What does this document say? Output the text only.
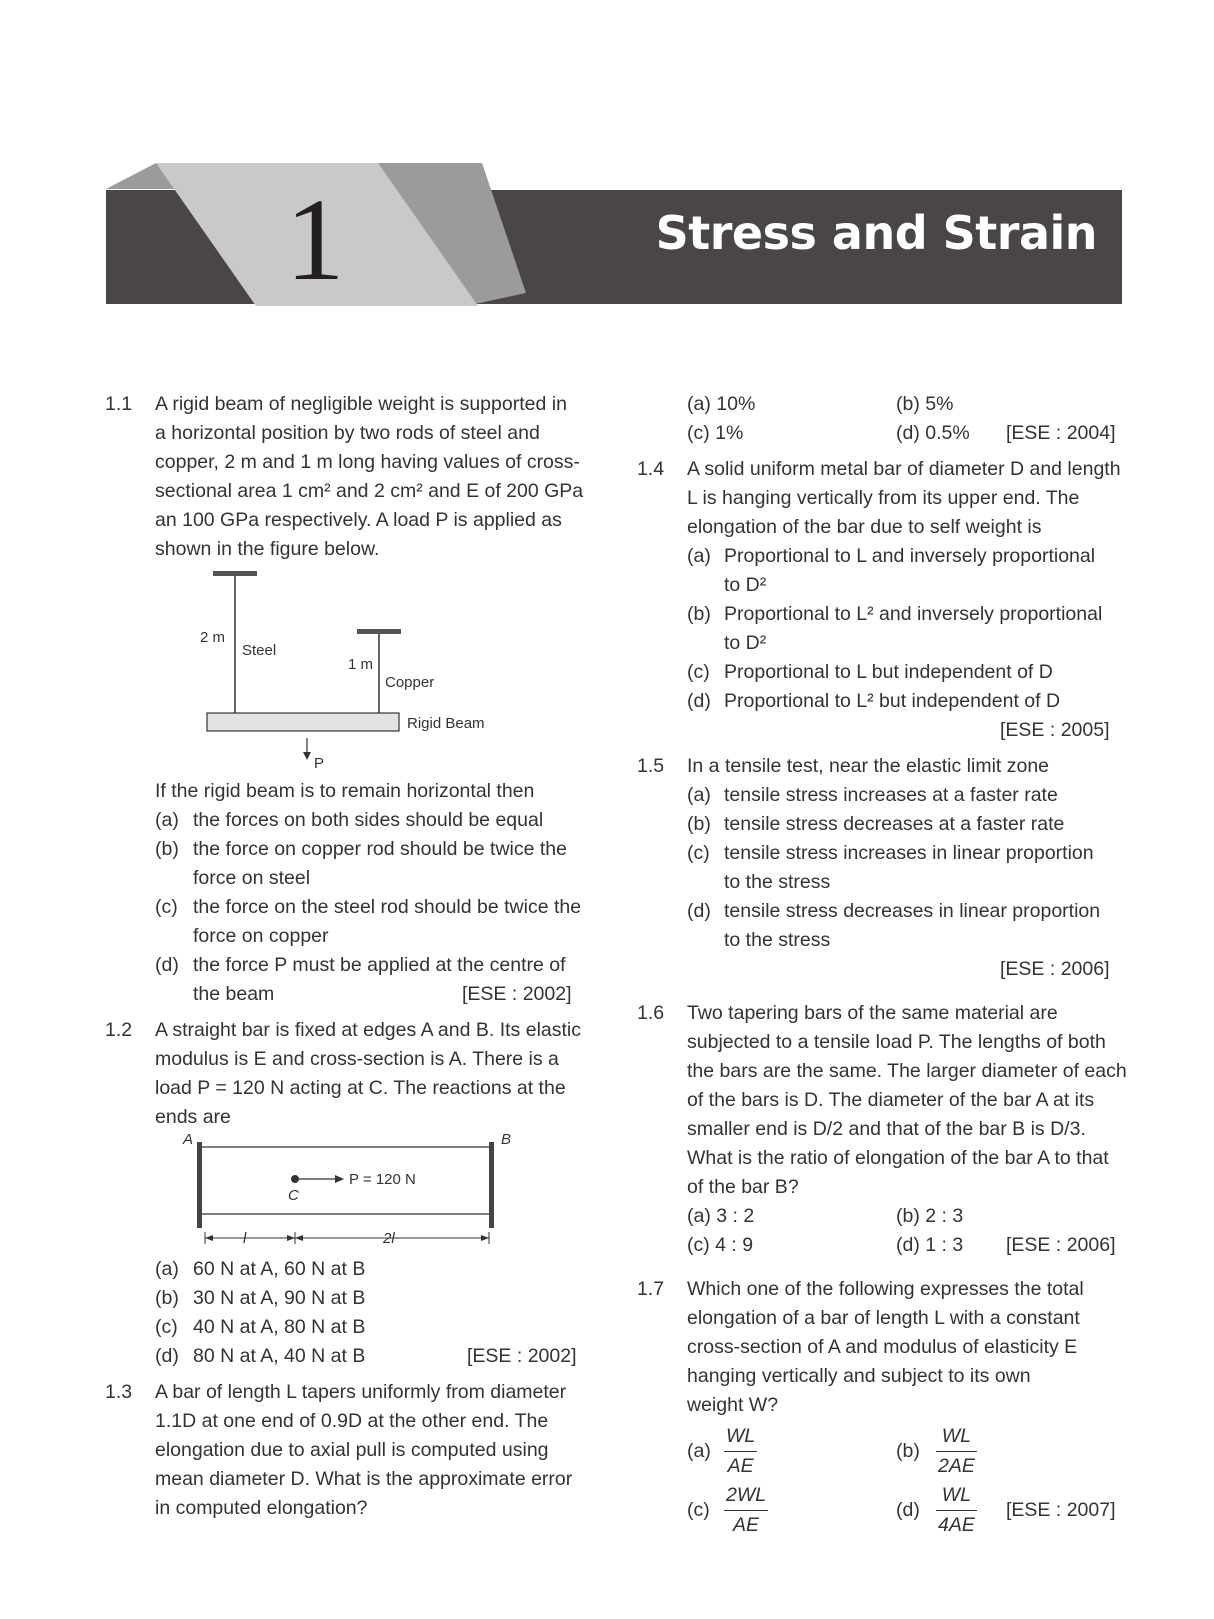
1	Stress and Strain
1.1 A rigid beam of negligible weight is supported in
a horizontal position by two rods of steel and
copper, 2 m and 1 m long having values of cross-
sectional area 1 cm² and 2 cm² and E of 200 GPa
an 100 GPa respectively. A load P is applied as
shown in the figure below.
2 m
Steel
1 m
Copper
Rigid Beam
P
If the rigid beam is to remain horizontal then
(a) the forces on both sides should be equal
(b) the force on copper rod should be twice the
force on steel
(c) the force on the steel rod should be twice the
force on copper
(d) the force P must be applied at the centre of
the beam	[ESE : 2002]
1.2 A straight bar is fixed at edges A and B. Its elastic
modulus is E and cross-section is A. There is a
load P = 120 N acting at C. The reactions at the
ends are
A	B
C
P = 120 N
l	2l
(a) 60 N at A, 60 N at B
(b) 30 N at A, 90 N at B
(c) 40 N at A, 80 N at B
(d) 80 N at A, 40 N at B	[ESE : 2002]
1.3 A bar of length L tapers uniformly from diameter
1.1D at one end of 0.9D at the other end. The
elongation due to axial pull is computed using
mean diameter D. What is the approximate error
in computed elongation?
(a) 10%	(b) 5%
(c) 1%	(d) 0.5% [ESE : 2004]
1.4 A solid uniform metal bar of diameter D and length
L is hanging vertically from its upper end. The
elongation of the bar due to self weight is
(a) Proportional to L and inversely proportional
to D²
(b) Proportional to L² and inversely proportional
to D²
(c) Proportional to L but independent of D
(d) Proportional to L² but independent of D
[ESE : 2005]
1.5 In a tensile test, near the elastic limit zone
(a) tensile stress increases at a faster rate
(b) tensile stress decreases at a faster rate
(c) tensile stress increases in linear proportion
to the stress
(d) tensile stress decreases in linear proportion
to the stress
[ESE : 2006]
1.6 Two tapering bars of the same material are
subjected to a tensile load P. The lengths of both
the bars are the same. The larger diameter of each
of the bars is D. The diameter of the bar A at its
smaller end is D/2 and that of the bar B is D/3.
What is the ratio of elongation of the bar A to that
of the bar B?
(a) 3 : 2	(b) 2 : 3
(c) 4 : 9	(d) 1 : 3 [ESE : 2006]
1.7 Which one of the following expresses the total
elongation of a bar of length L with a constant
cross-section of A and modulus of elasticity E
hanging vertically and subject to its own
weight W?
$(a) \frac{WL}{AE}$	$(b) \frac{WL}{2AE}$
$(c) \frac{2WL}{AE}$	$(d) \frac{WL}{4AE} [ESE$ : 2007]
